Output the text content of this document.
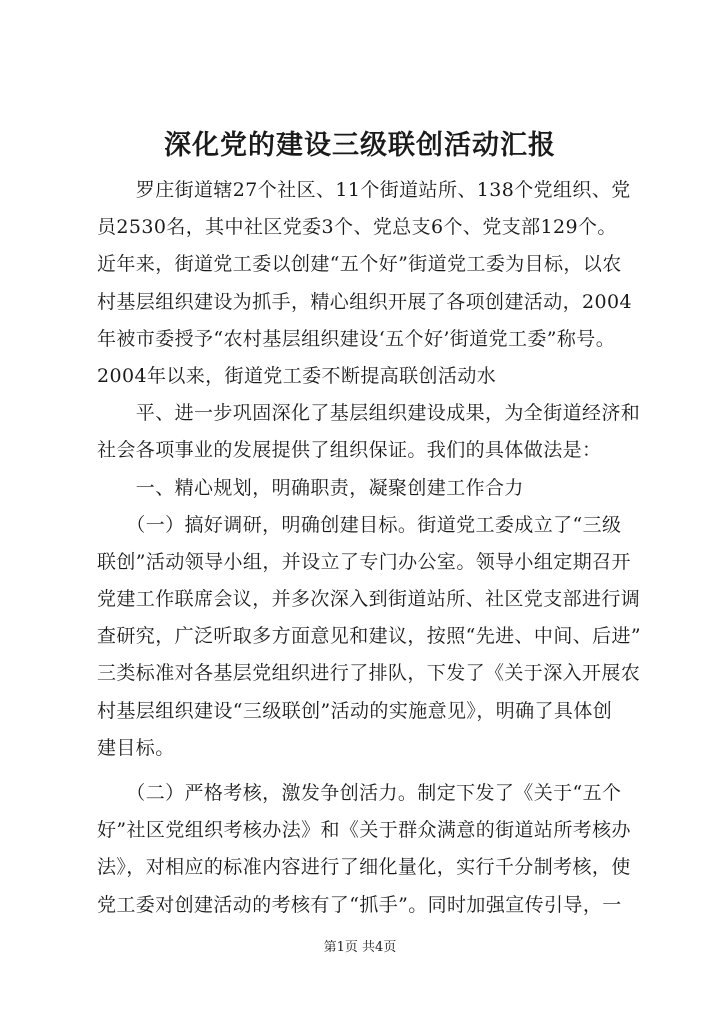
深化党的建设三级联创活动汇报
　　罗庄街道辖27个社区、11个街道站所、138个党组织、党
员2530名，其中社区党委3个、党总支6个、党支部129个。
近年来，街道党工委以创建“五个好”街道党工委为目标，以农
村基层组织建设为抓手，精心组织开展了各项创建活动，2004
年被市委授予“农村基层组织建设‘五个好’街道党工委”称号。
2004年以来，街道党工委不断提高联创活动水
　　平、进一步巩固深化了基层组织建设成果，为全街道经济和
社会各项事业的发展提供了组织保证。我们的具体做法是：
　　一、精心规划，明确职责，凝聚创建工作合力
　　（一）搞好调研，明确创建目标。街道党工委成立了“三级
联创”活动领导小组，并设立了专门办公室。领导小组定期召开
党建工作联席会议，并多次深入到街道站所、社区党支部进行调
查研究，广泛听取多方面意见和建议，按照“先进、中间、后进”
三类标准对各基层党组织进行了排队，下发了《关于深入开展农
村基层组织建设“三级联创”活动的实施意见》，明确了具体创
建目标。
　　（二）严格考核，激发争创活力。制定下发了《关于“五个
好”社区党组织考核办法》和《关于群众满意的街道站所考核办
法》，对相应的标准内容进行了细化量化，实行千分制考核，使
党工委对创建活动的考核有了“抓手”。同时加强宣传引导，一
第1页 共4页
